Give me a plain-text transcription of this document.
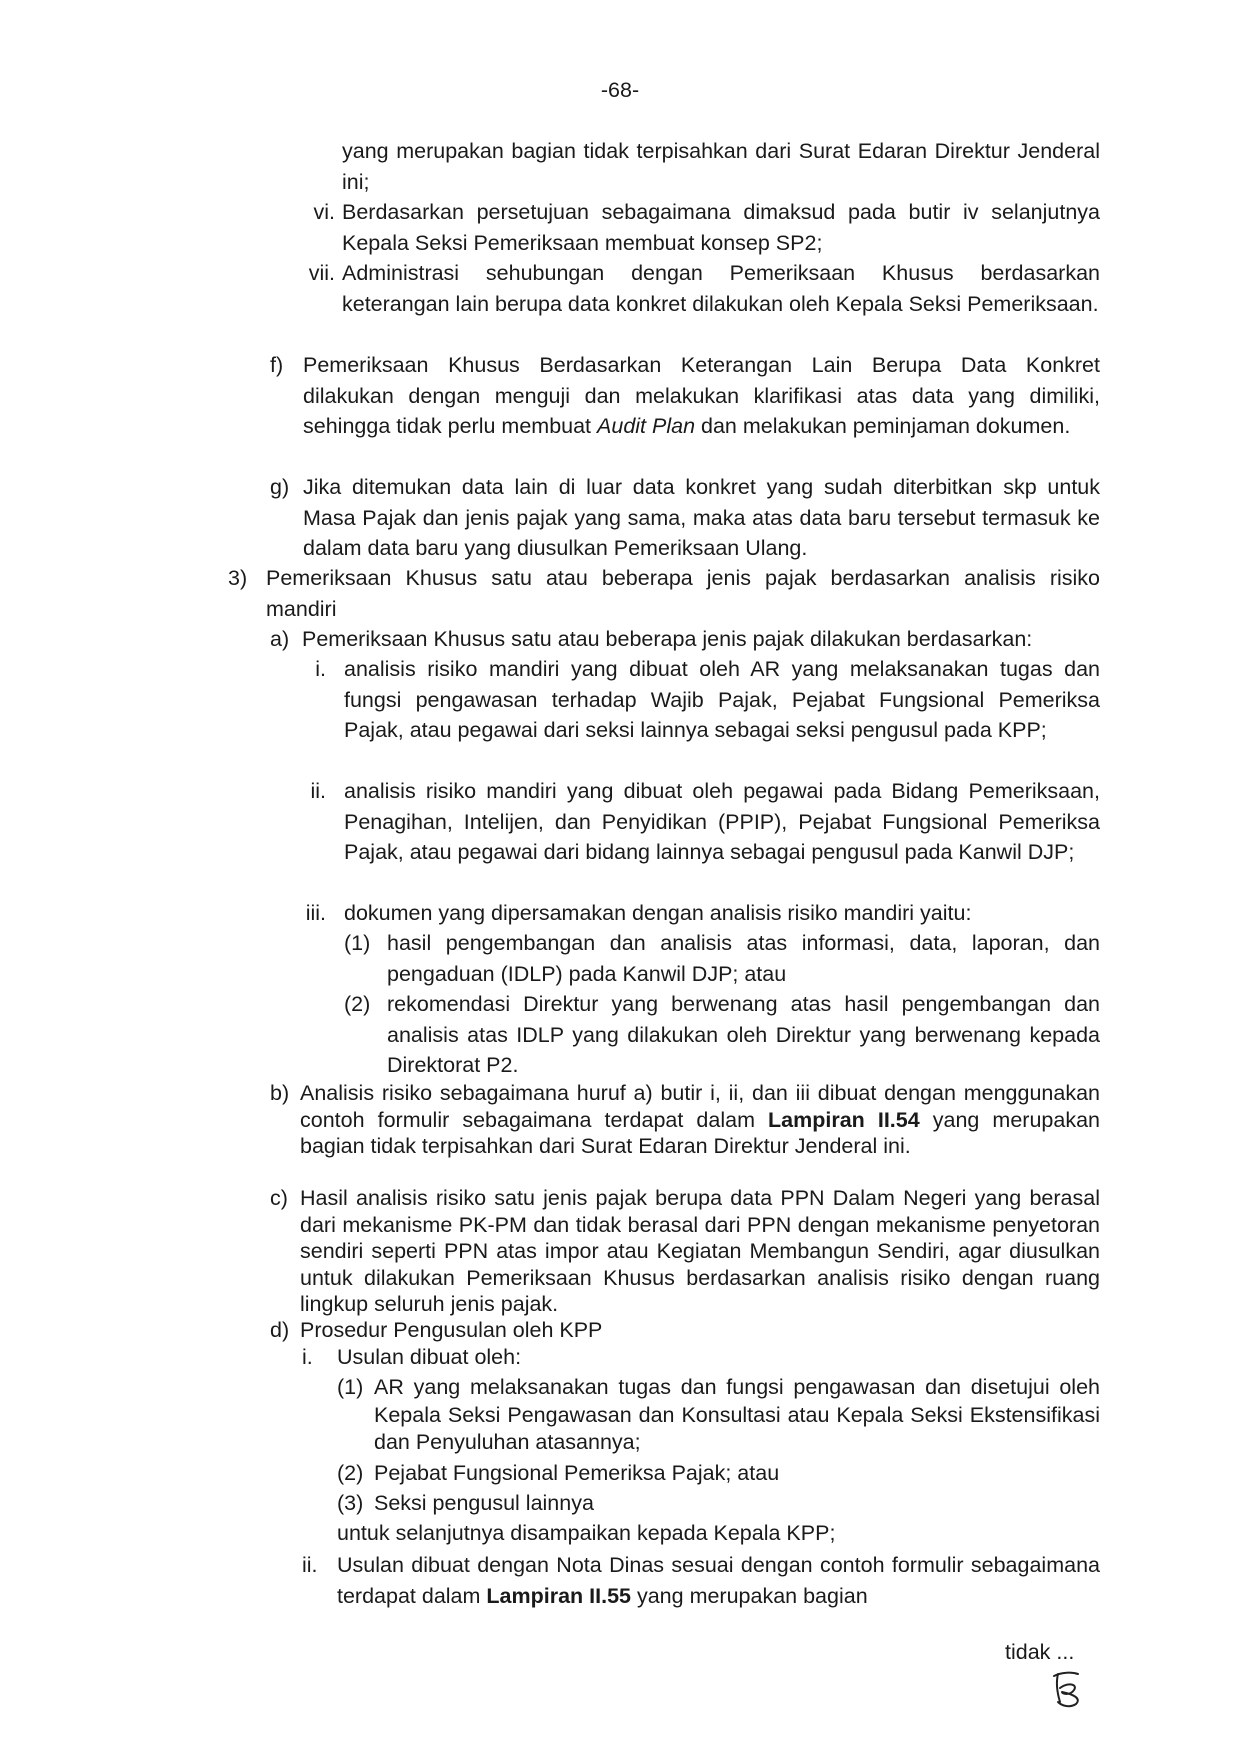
-68-

yang merupakan bagian tidak terpisahkan dari Surat Edaran Direktur Jenderal ini;

vi. Berdasarkan persetujuan sebagaimana dimaksud pada butir iv selanjutnya Kepala Seksi Pemeriksaan membuat konsep SP2;

vii. Administrasi sehubungan dengan Pemeriksaan Khusus berdasarkan keterangan lain berupa data konkret dilakukan oleh Kepala Seksi Pemeriksaan.

f) Pemeriksaan Khusus Berdasarkan Keterangan Lain Berupa Data Konkret dilakukan dengan menguji dan melakukan klarifikasi atas data yang dimiliki, sehingga tidak perlu membuat Audit Plan dan melakukan peminjaman dokumen.

g) Jika ditemukan data lain di luar data konkret yang sudah diterbitkan skp untuk Masa Pajak dan jenis pajak yang sama, maka atas data baru tersebut termasuk ke dalam data baru yang diusulkan Pemeriksaan Ulang.

3) Pemeriksaan Khusus satu atau beberapa jenis pajak berdasarkan analisis risiko mandiri

a) Pemeriksaan Khusus satu atau beberapa jenis pajak dilakukan berdasarkan:

i. analisis risiko mandiri yang dibuat oleh AR yang melaksanakan tugas dan fungsi pengawasan terhadap Wajib Pajak, Pejabat Fungsional Pemeriksa Pajak, atau pegawai dari seksi lainnya sebagai seksi pengusul pada KPP;

ii. analisis risiko mandiri yang dibuat oleh pegawai pada Bidang Pemeriksaan, Penagihan, Intelijen, dan Penyidikan (PPIP), Pejabat Fungsional Pemeriksa Pajak, atau pegawai dari bidang lainnya sebagai pengusul pada Kanwil DJP;

iii. dokumen yang dipersamakan dengan analisis risiko mandiri yaitu:

(1) hasil pengembangan dan analisis atas informasi, data, laporan, dan pengaduan (IDLP) pada Kanwil DJP; atau

(2) rekomendasi Direktur yang berwenang atas hasil pengembangan dan analisis atas IDLP yang dilakukan oleh Direktur yang berwenang kepada Direktorat P2.

b) Analisis risiko sebagaimana huruf a) butir i, ii, dan iii dibuat dengan menggunakan contoh formulir sebagaimana terdapat dalam Lampiran II.54 yang merupakan bagian tidak terpisahkan dari Surat Edaran Direktur Jenderal ini.

c) Hasil analisis risiko satu jenis pajak berupa data PPN Dalam Negeri yang berasal dari mekanisme PK-PM dan tidak berasal dari PPN dengan mekanisme penyetoran sendiri seperti PPN atas impor atau Kegiatan Membangun Sendiri, agar diusulkan untuk dilakukan Pemeriksaan Khusus berdasarkan analisis risiko dengan ruang lingkup seluruh jenis pajak.

d) Prosedur Pengusulan oleh KPP

i. Usulan dibuat oleh:

(1) AR yang melaksanakan tugas dan fungsi pengawasan dan disetujui oleh Kepala Seksi Pengawasan dan Konsultasi atau Kepala Seksi Ekstensifikasi dan Penyuluhan atasannya;

(2) Pejabat Fungsional Pemeriksa Pajak; atau

(3) Seksi pengusul lainnya

untuk selanjutnya disampaikan kepada Kepala KPP;

ii. Usulan dibuat dengan Nota Dinas sesuai dengan contoh formulir sebagaimana terdapat dalam Lampiran II.55 yang merupakan bagian

tidak ...
